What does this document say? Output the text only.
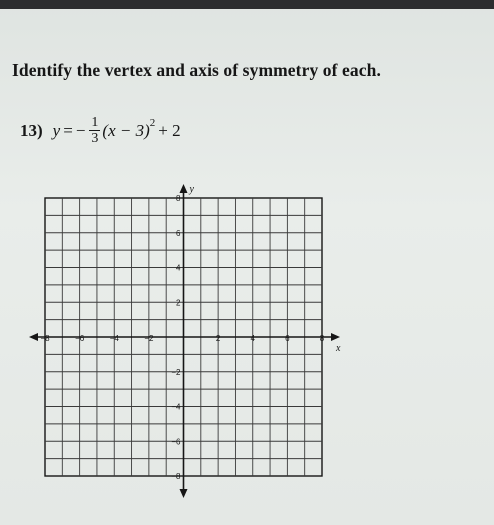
Identify the vertex and axis of symmetry of each.
13) y = − $\frac{1}{3} (x - 3) 2 + 2$
x
y
−8	−6	−4	−2	2	4	6	8
8
6
4
2
−2
−4
−6
−8
